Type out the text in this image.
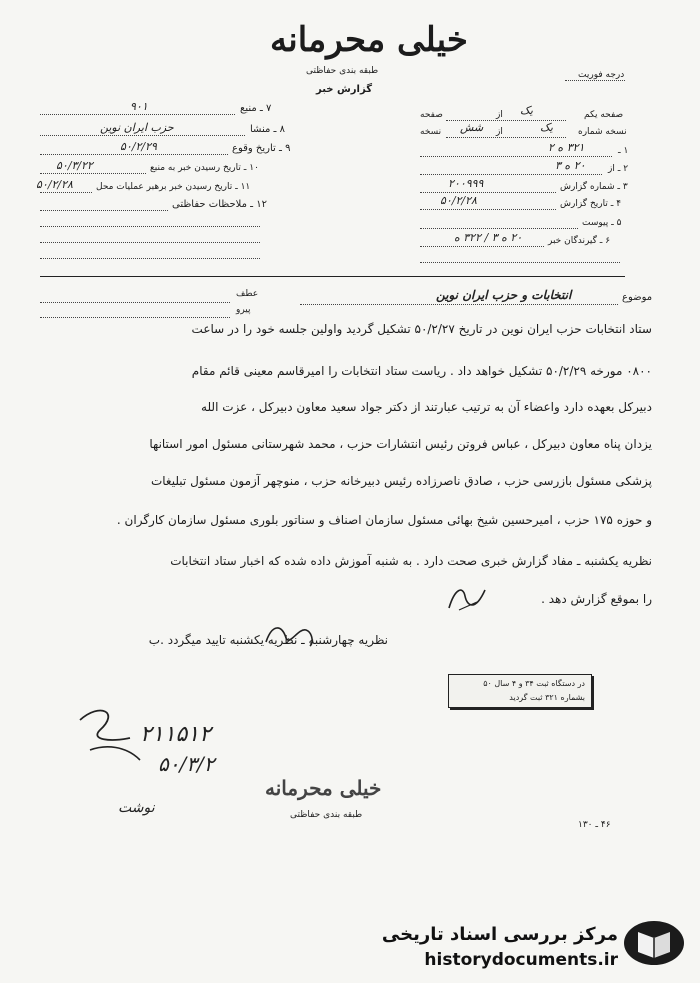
خیلی محرمانه
طبقه بندی حفاظتی
گزارش خبر
درجه فوریت
۷ ـ منبع
۹۰۱
۸ ـ منشا
حزب ایران نوین
۹ ـ تاریخ وقوع
۵۰/۲/۲۹
۱۰ ـ تاریخ رسیدن خبر به منبع
۵۰/۳/۲۲
۱۱ ـ تاریخ رسیدن خبر برهبر عملیات محل
۵۰/۲/۲۸
۱۲ ـ ملاحظات حفاظتی
صفحه یکم
یک
از
صفحه
نسخه شماره
یک
از
شش
نسخه
۱ ـ
۳۲۱ ه ۲
۲ ـ از
۲۰ ه ۳
۳ ـ شماره گزارش
۲۰۰۹۹۹
۴ ـ تاریخ گزارش
۵۰/۲/۲۸
۵ ـ پیوست
۶ ـ گیرندگان خبر
۲۰ ه ۳ / ۳۲۲ ه
عطف
پیرو
موضوع
انتخابات و حزب ایران نوین
ستاد انتخابات حزب ایران نوین در تاریخ ۵۰/۲/۲۷ تشکیل گردید واولین جلسه خود را در ساعت
۰۸۰۰ مورخه ۵۰/۲/۲۹ تشکیل خواهد داد . ریاست ستاد انتخابات را امیرقاسم معینی قائم مقام
دبیرکل بعهده دارد واعضاء آن به ترتیب عبارتند از دکتر جواد سعید معاون دبیرکل ، عزت الله
یزدان پناه معاون دبیرکل ، عباس فروتن رئیس انتشارات حزب ، محمد شهرستانی مسئول امور استانها
پزشکی مسئول بازرسی حزب ، صادق ناصرزاده رئیس دبیرخانه حزب ، منوچهر آزمون مسئول تبلیغات
و حوزه ۱۷۵ حزب ، امیرحسین شیخ بهائی مسئول سازمان اصناف و سناتور بلوری مسئول سازمان کارگران .
نظریه یکشنبه ـ مفاد گزارش خبری صحت دارد . به شنبه آموزش داده شده که اخبار ستاد انتخابات
را بموقع گزارش دهد .
نظریه چهارشنبه ـ نظریه یکشنبه تایید میگردد .ب
در دستگاه ثبت ۳۴ و ۴ سال ۵۰
بشماره ۳۲۱ ثبت گردید
۲۱۱۵۱۲
۵۰/۳/۲
نوشت
خیلی محرمانه
طبقه بندی حفاظتی
۴۶ ـ ۱۳۰
مرکز بررسی اسناد تاریخی
historydocuments.ir
